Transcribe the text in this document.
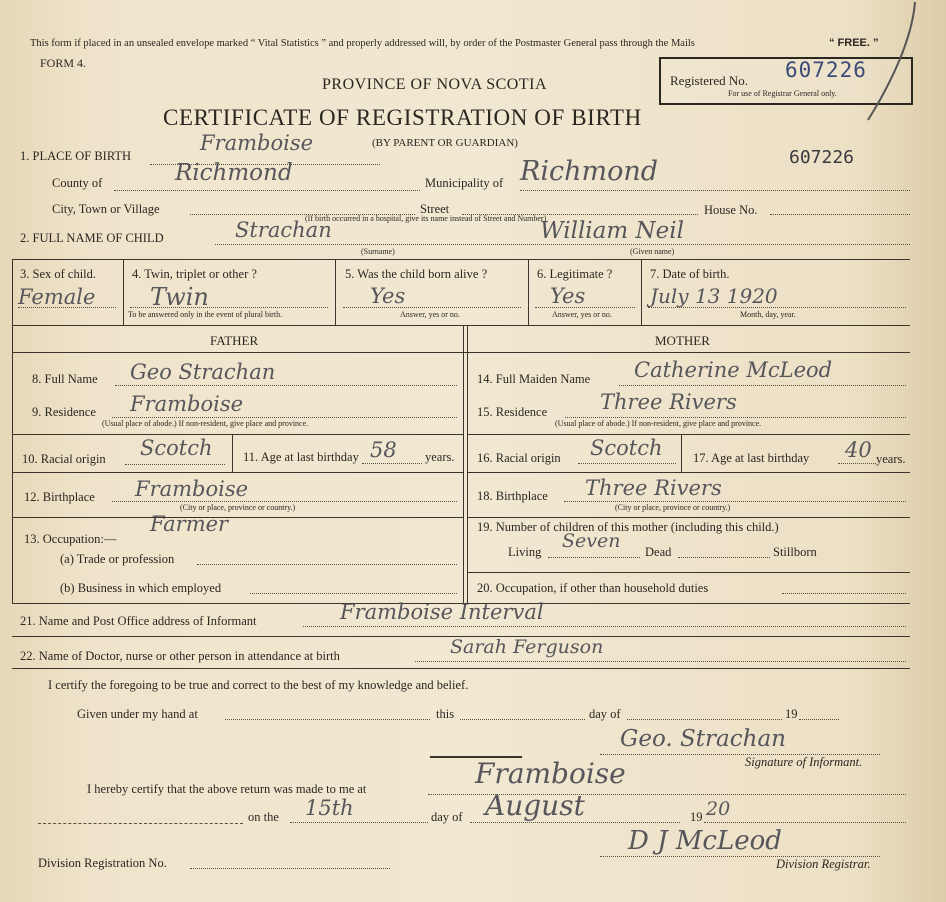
This form if placed in an unsealed envelope marked “ Vital Statistics ” and properly addressed will, by order of the Postmaster General pass through the Mails	“ FREE. ”
FORM 4.
PROVINCE OF NOVA SCOTIA
CERTIFICATE OF REGISTRATION OF BIRTH
(BY PARENT OR GUARDIAN)
Registered No. 607226
For use of Registrar General only.
607226
1. PLACE OF BIRTH
Framboise
County of	Richmond	Municipality of Richmond
City, Town or Village	Street	House No.
(If birth occurred in a hospital, give its name instead of Street and Number)
2. FULL NAME OF CHILD	Strachan	William Neil
(Surname)	(Given name)
3. Sex of child.
Female
4. Twin, triplet or other ?
Twin
To be answered only in the event of plural birth.
5. Was the child born alive ?
Yes
Answer, yes or no.
6. Legitimate ?
Yes
Answer, yes or no.
7. Date of birth.
July 13 1920
Month, day, year.
FATHER	MOTHER
8. Full Name Geo Strachan
9. Residence Framboise
(Usual place of abode.) If non-resident, give place and province.
10. Racial origin Scotch 11. Age at last birthday 58 years.
12. Birthplace Framboise
(City or place, province or country.)
13. Occupation:—
Farmer
(a) Trade or profession
(b) Business in which employed
14. Full Maiden Name Catherine McLeod
15. Residence	Three Rivers
(Usual place of abode.) If non-resident, give place and province.
16. Racial origin Scotch 17. Age at last birthday 40 years.
18. Birthplace Three Rivers
(City or place, province or country.)
19. Number of children of this mother (including this child.)
Living Seven Dead	Stillborn
20. Occupation, if other than household duties
21. Name and Post Office address of Informant	Framboise Interval
22. Name of Doctor, nurse or other person in attendance at birth	Sarah Ferguson
I certify the foregoing to be true and correct to the best of my knowledge and belief.
Given under my hand at	this	day of	19
Geo. Strachan
Signature of Informant.
I hereby certify that the above return was made to me at	Framboise
on the 15th	day of August	19 20
Division Registration No.
D J McLeod
Division Registrar.
